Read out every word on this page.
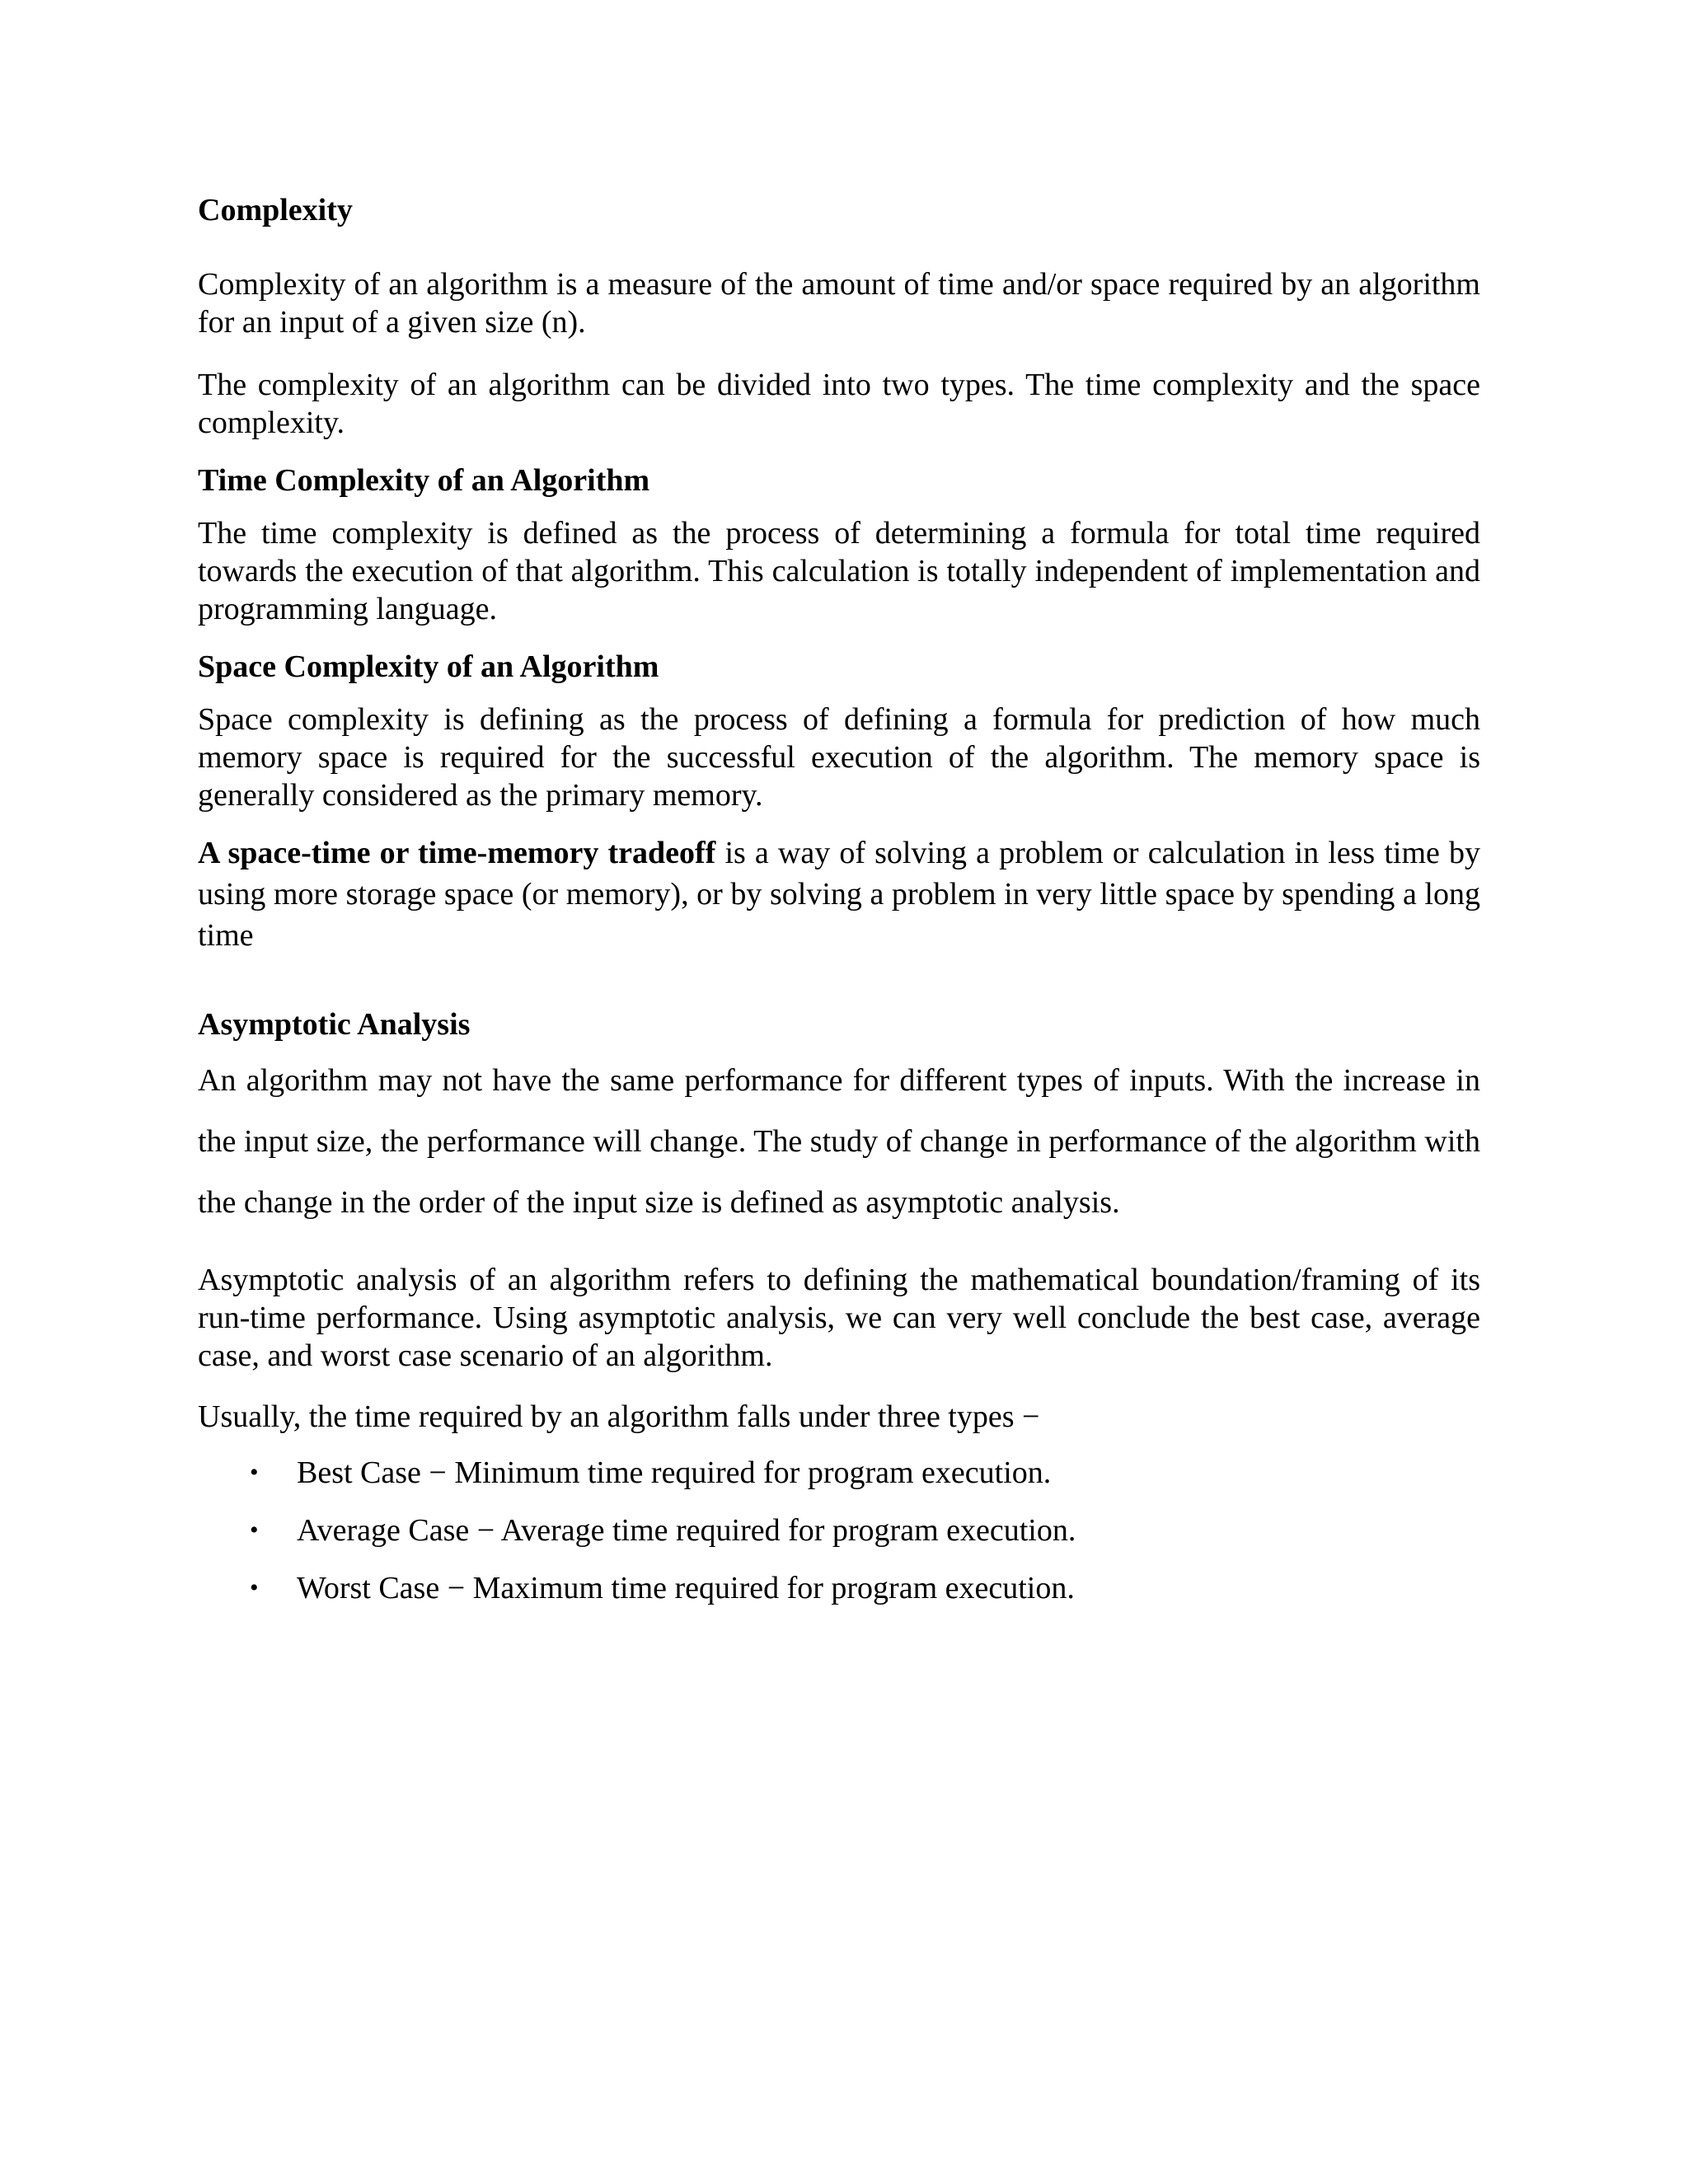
Complexity

Complexity of an algorithm is a measure of the amount of time and/or space required by an algorithm for an input of a given size (n).

The complexity of an algorithm can be divided into two types. The time complexity and the space complexity.

Time Complexity of an Algorithm

The time complexity is defined as the process of determining a formula for total time required towards the execution of that algorithm. This calculation is totally independent of implementation and programming language.

Space Complexity of an Algorithm

Space complexity is defining as the process of defining a formula for prediction of how much memory space is required for the successful execution of the algorithm. The memory space is generally considered as the primary memory.

A space-time or time-memory tradeoff is a way of solving a problem or calculation in less time by using more storage space (or memory), or by solving a problem in very little space by spending a long time

Asymptotic Analysis

An algorithm may not have the same performance for different types of inputs. With the increase in the input size, the performance will change. The study of change in performance of the algorithm with the change in the order of the input size is defined as asymptotic analysis.

Asymptotic analysis of an algorithm refers to defining the mathematical boundation/framing of its run-time performance. Using asymptotic analysis, we can very well conclude the best case, average case, and worst case scenario of an algorithm.

Usually, the time required by an algorithm falls under three types −

• Best Case − Minimum time required for program execution.
• Average Case − Average time required for program execution.
• Worst Case − Maximum time required for program execution.
